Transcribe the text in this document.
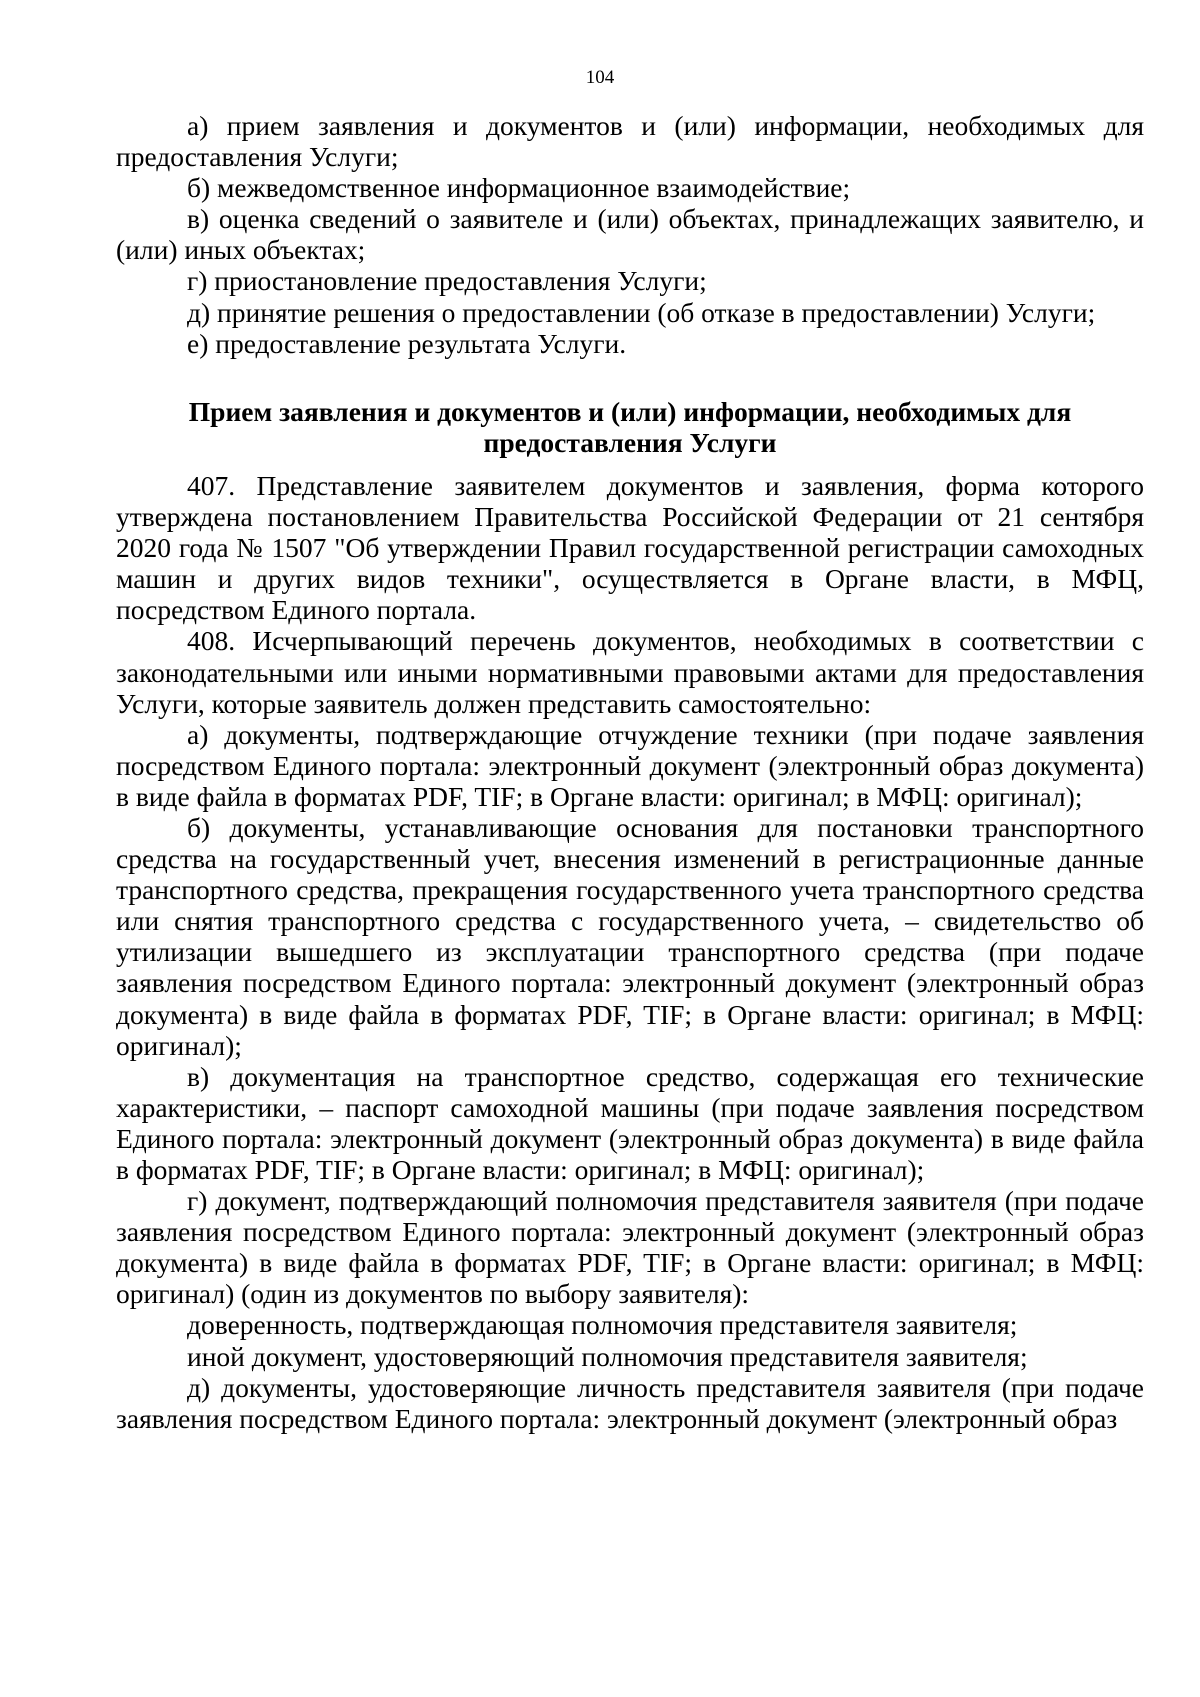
104

а) прием заявления и документов и (или) информации, необходимых для предоставления Услуги;

б) межведомственное информационное взаимодействие;

в) оценка сведений о заявителе и (или) объектах, принадлежащих заявителю, и (или) иных объектах;

г) приостановление предоставления Услуги;

д) принятие решения о предоставлении (об отказе в предоставлении) Услуги;

е) предоставление результата Услуги.

Прием заявления и документов и (или) информации, необходимых для предоставления Услуги

407. Представление заявителем документов и заявления, форма которого утверждена постановлением Правительства Российской Федерации от 21 сентября 2020 года № 1507 "Об утверждении Правил государственной регистрации самоходных машин и других видов техники", осуществляется в Органе власти, в МФЦ, посредством Единого портала.

408. Исчерпывающий перечень документов, необходимых в соответствии с законодательными или иными нормативными правовыми актами для предоставления Услуги, которые заявитель должен представить самостоятельно:

а) документы, подтверждающие отчуждение техники (при подаче заявления посредством Единого портала: электронный документ (электронный образ документа) в виде файла в форматах PDF, TIF; в Органе власти: оригинал; в МФЦ: оригинал);

б) документы, устанавливающие основания для постановки транспортного средства на государственный учет, внесения изменений в регистрационные данные транспортного средства, прекращения государственного учета транспортного средства или снятия транспортного средства с государственного учета, – свидетельство об утилизации вышедшего из эксплуатации транспортного средства (при подаче заявления посредством Единого портала: электронный документ (электронный образ документа) в виде файла в форматах PDF, TIF; в Органе власти: оригинал; в МФЦ: оригинал);

в) документация на транспортное средство, содержащая его технические характеристики, – паспорт самоходной машины (при подаче заявления посредством Единого портала: электронный документ (электронный образ документа) в виде файла в форматах PDF, TIF; в Органе власти: оригинал; в МФЦ: оригинал);

г) документ, подтверждающий полномочия представителя заявителя (при подаче заявления посредством Единого портала: электронный документ (электронный образ документа) в виде файла в форматах PDF, TIF; в Органе власти: оригинал; в МФЦ: оригинал) (один из документов по выбору заявителя):

доверенность, подтверждающая полномочия представителя заявителя;

иной документ, удостоверяющий полномочия представителя заявителя;

д) документы, удостоверяющие личность представителя заявителя (при подаче заявления посредством Единого портала: электронный документ (электронный образ
